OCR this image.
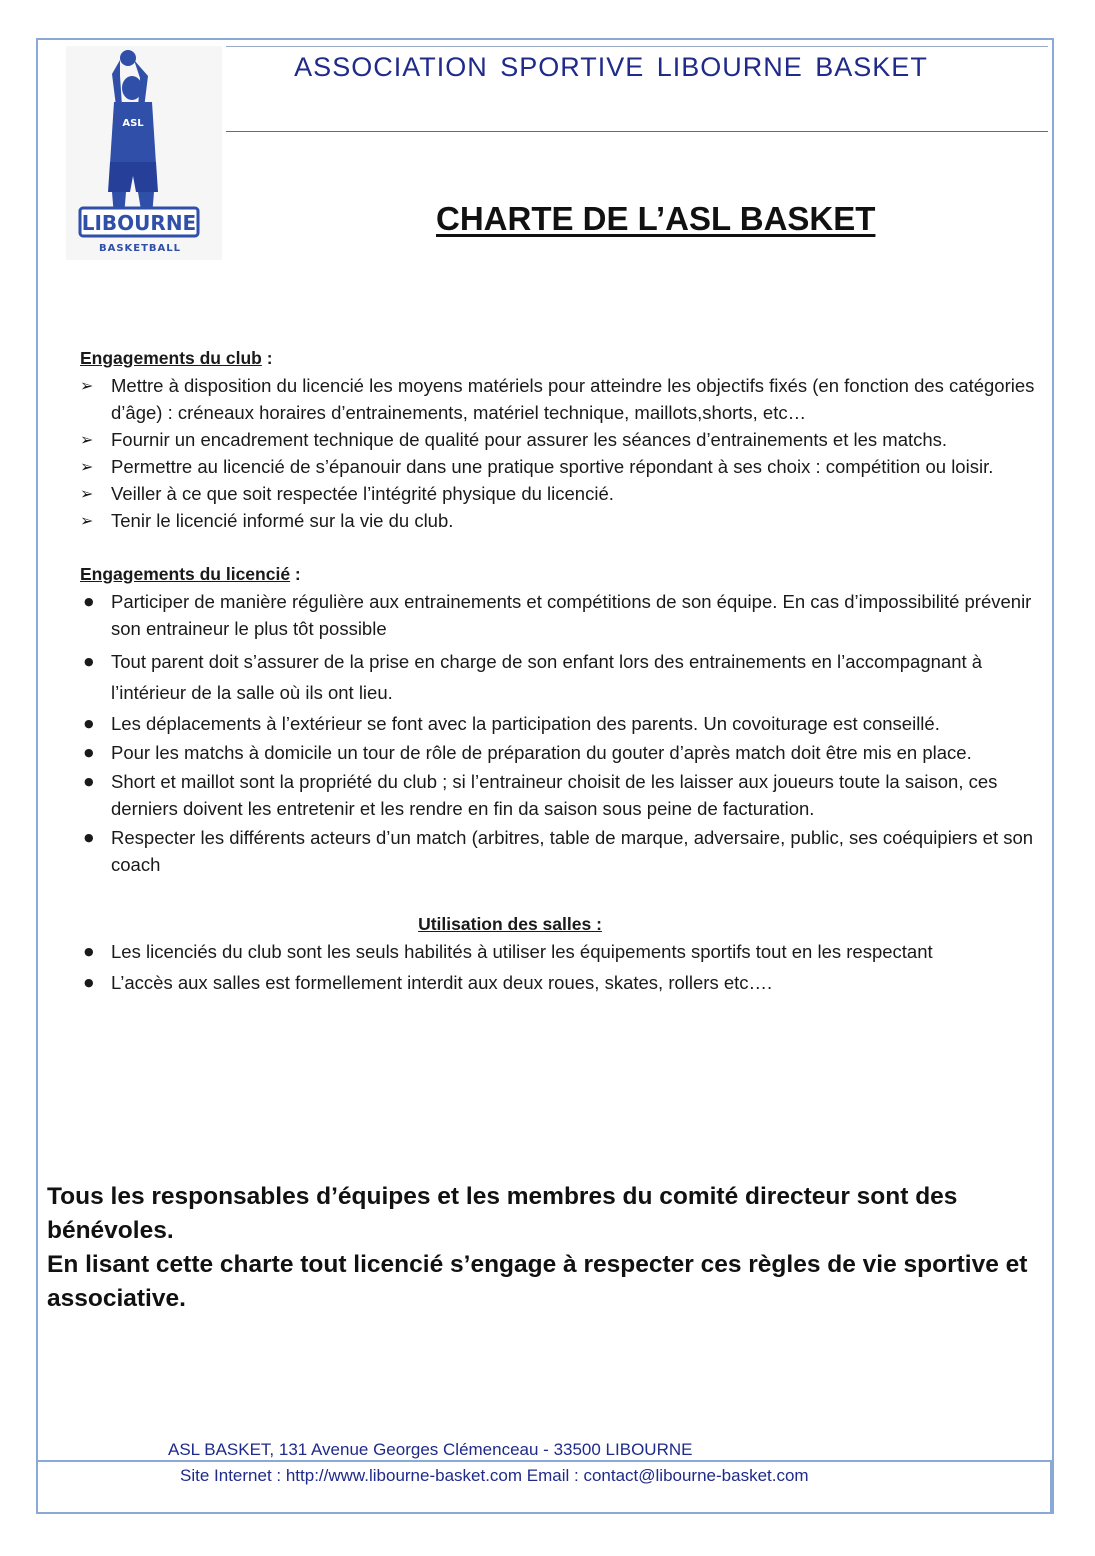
ASSOCIATION SPORTIVE LIBOURNE BASKET
ASL
LIBOURNE
BASKETBALL
CHARTE DE L’ASL BASKET
Engagements du club :
➢ Mettre à disposition du licencié les moyens matériels pour atteindre les objectifs fixés (en fonction des catégories d’âge) : créneaux horaires d’entrainements, matériel technique, maillots,shorts, etc…
➢ Fournir un encadrement technique de qualité pour assurer les séances d’entrainements et les matchs.
➢ Permettre au licencié de s’épanouir dans une pratique sportive répondant à ses choix : compétition ou loisir.
➢ Veiller à ce que soit respectée l’intégrité physique du licencié.
➢ Tenir le licencié informé sur la vie du club.
Engagements du licencié :
● Participer de manière régulière aux entrainements et compétitions de son équipe. En cas d’impossibilité prévenir son entraineur le plus tôt possible
● Tout parent doit s’assurer de la prise en charge de son enfant lors des entrainements en l’accompagnant à l’intérieur de la salle où ils ont lieu.
● Les déplacements à l’extérieur se font avec la participation des parents. Un covoiturage est conseillé.
● Pour les matchs à domicile un tour de rôle de préparation du gouter d’après match doit être mis en place.
● Short et maillot sont la propriété du club ; si l’entraineur choisit de les laisser aux joueurs toute la saison, ces derniers doivent les entretenir et les rendre en fin da saison sous peine de facturation.
● Respecter les différents acteurs d’un match (arbitres, table de marque, adversaire, public, ses coéquipiers et son coach
Utilisation des salles :
● Les licenciés du club sont les seuls habilités à utiliser les équipements sportifs tout en les respectant
● L’accès aux salles est formellement interdit aux deux roues, skates, rollers etc….
Tous les responsables d’équipes et les membres du comité directeur sont des bénévoles.
En lisant cette charte tout licencié s’engage à respecter ces règles de vie sportive et associative.
ASL BASKET, 131 Avenue Georges Clémenceau - 33500 LIBOURNE
Site Internet : http://www.libourne-basket.com Email : contact@libourne-basket.com
